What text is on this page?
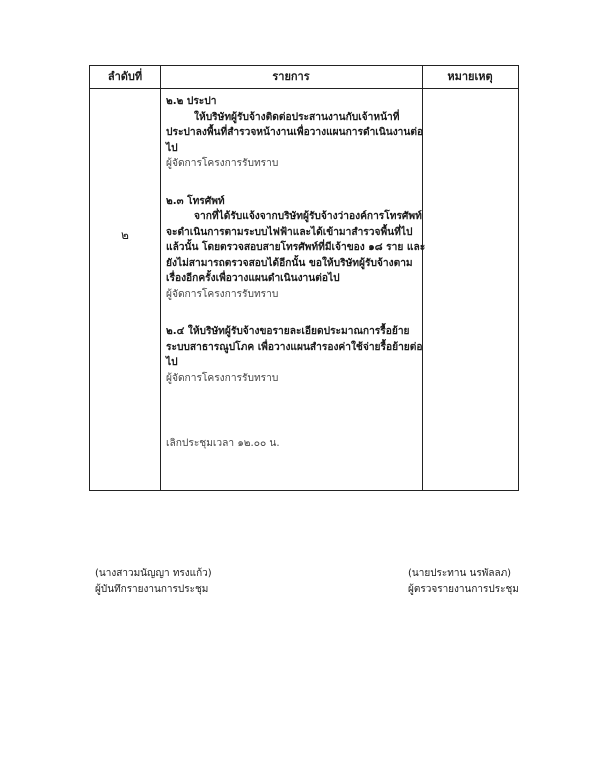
ลำดับที่	รายการ	หมายเหตุ
๒

๒.๒ ประปา

ให้บริษัทผู้รับจ้างติดต่อประสานงานกับเจ้าหน้าที่ประปาลงพื้นที่สำรวจหน้างานเพื่อวางแผนการดำเนินงานต่อไป

ผู้จัดการโครงการรับทราบ

๒.๓ โทรศัพท์

จากที่ได้รับแจ้งจากบริษัทผู้รับจ้างว่าองค์การโทรศัพท์จะดำเนินการตามระบบไฟฟ้าและได้เข้ามาสำรวจพื้นที่ไปแล้วนั้น โดยตรวจสอบสายโทรศัพท์ที่มีเจ้าของ ๑๘ ราย และยังไม่สามารถตรวจสอบได้อีกนั้น ขอให้บริษัทผู้รับจ้างตามเรื่องอีกครั้งเพื่อวางแผนดำเนินงานต่อไป

ผู้จัดการโครงการรับทราบ

๒.๔ ให้บริษัทผู้รับจ้างขอรายละเอียดประมาณการรื้อย้ายระบบสาธารณูปโภค เพื่อวางแผนสำรองค่าใช้จ่ายรื้อย้ายต่อไป

ผู้จัดการโครงการรับทราบ

เลิกประชุมเวลา ๑๒.๐๐ น.

(นางสาวมนัญญา ทรงแก้ว)
ผู้บันทึกรายงานการประชุม
(นายประทาน นรพัลลภ)
ผู้ตรวจรายงานการประชุม
